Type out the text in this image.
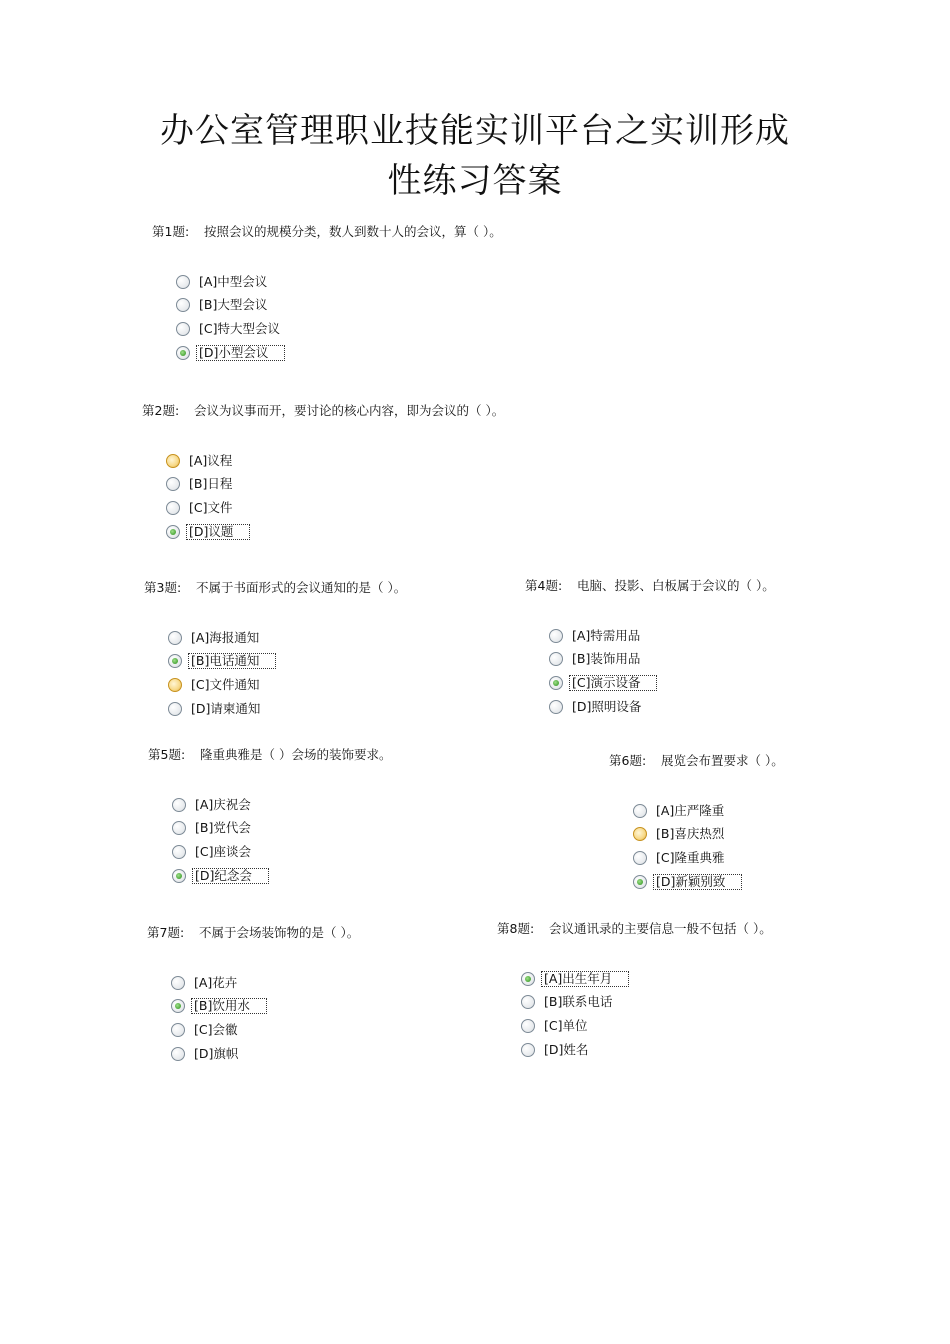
办公室管理职业技能实训平台之实训形成
性练习答案
第1题: 按照会议的规模分类，数人到数十人的会议，算（ ）。
[A]中型会议
[B]大型会议
[C]特大型会议
[D]小型会议
第2题: 会议为议事而开，要讨论的核心内容，即为会议的（ ）。
[A]议程
[B]日程
[C]文件
[D]议题
第3题: 不属于书面形式的会议通知的是（ ）。
[A]海报通知
[B]电话通知
[C]文件通知
[D]请柬通知
第4题: 电脑、投影、白板属于会议的（ ）。
[A]特需用品
[B]装饰用品
[C]演示设备
[D]照明设备
第5题: 隆重典雅是（ ）会场的装饰要求。
[A]庆祝会
[B]党代会
[C]座谈会
[D]纪念会
第6题: 展览会布置要求（ ）。
[A]庄严隆重
[B]喜庆热烈
[C]隆重典雅
[D]新颖别致
第7题: 不属于会场装饰物的是（ ）。
[A]花卉
[B]饮用水
[C]会徽
[D]旗帜
第8题: 会议通讯录的主要信息一般不包括（ ）。
[A]出生年月
[B]联系电话
[C]单位
[D]姓名
